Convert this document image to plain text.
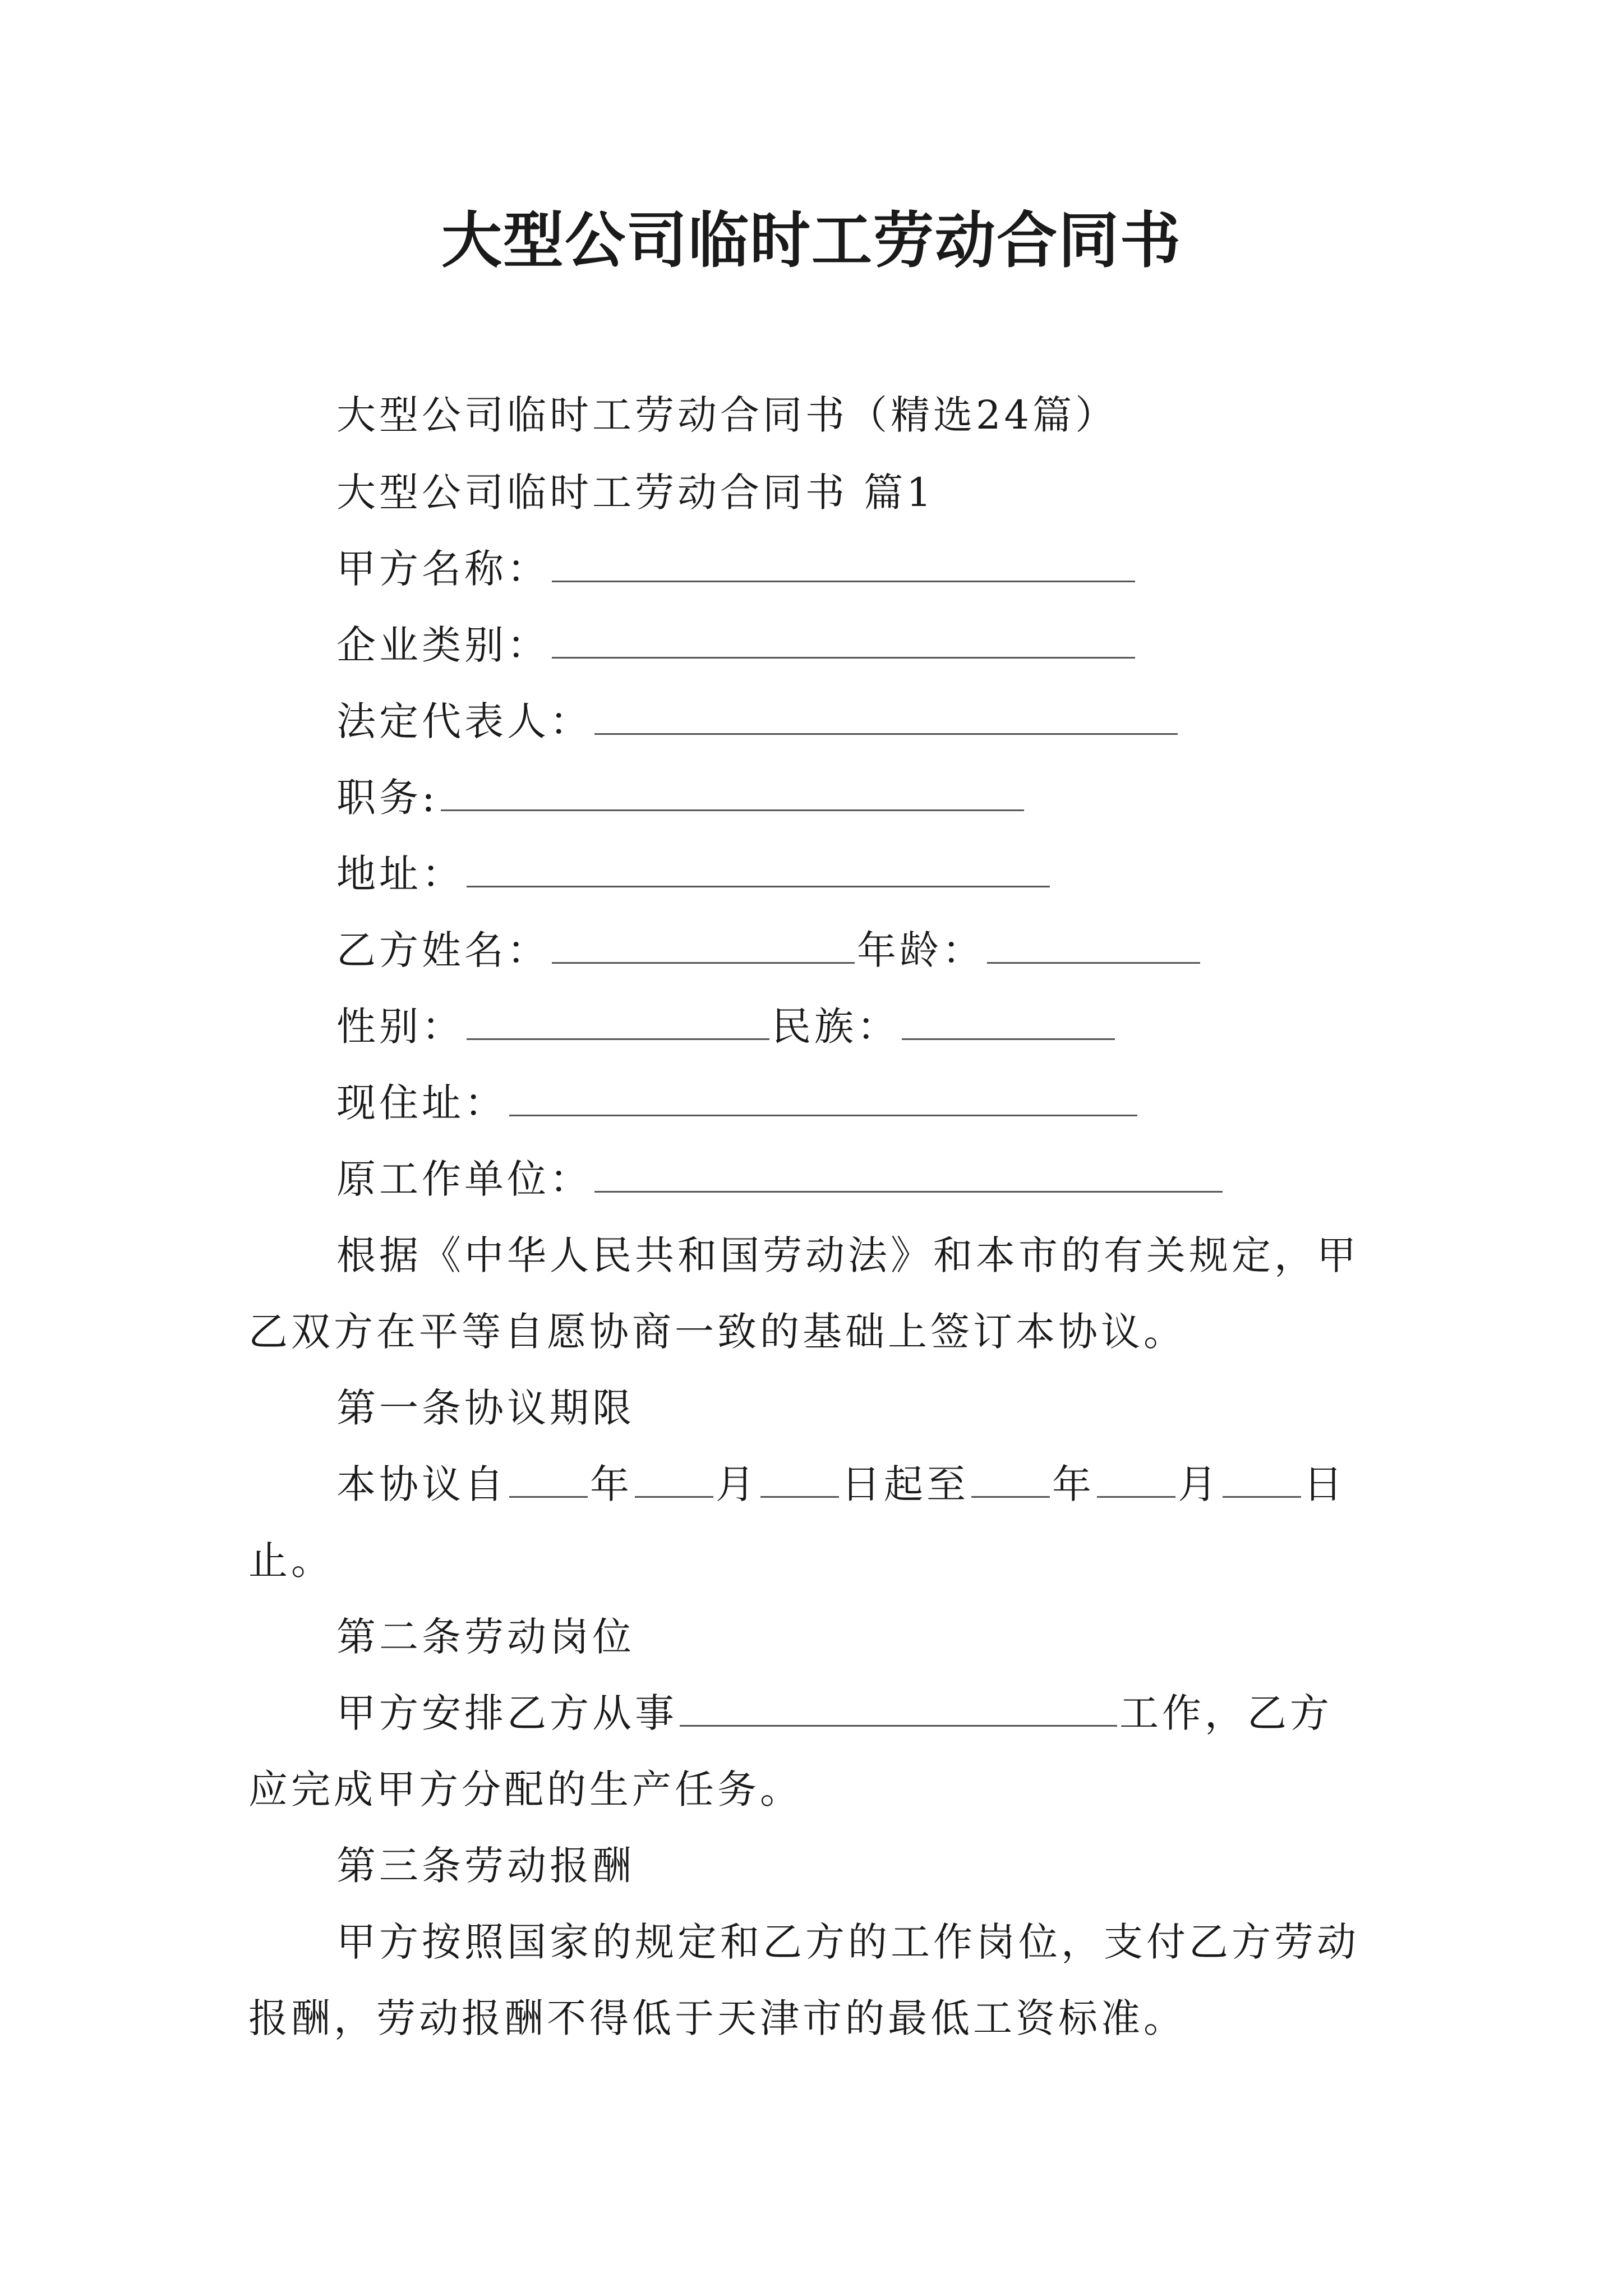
大型公司临时工劳动合同书
大型公司临时工劳动合同书（精选24篇）
大型公司临时工劳动合同书 篇1
甲方名称：
企业类别：
法定代表人：
职务:
地址：
乙方姓名：	年龄：
性别：	民族：
现住址：
原工作单位：
根据《中华人民共和国劳动法》和本市的有关规定，甲
乙双方在平等自愿协商一致的基础上签订本协议。
第一条协议期限
本协议自 年 月 日起至 年 月 日
止。
第二条劳动岗位
甲方安排乙方从事	工作，乙方
应完成甲方分配的生产任务。
第三条劳动报酬
甲方按照国家的规定和乙方的工作岗位，支付乙方劳动
报酬，劳动报酬不得低于天津市的最低工资标准。
